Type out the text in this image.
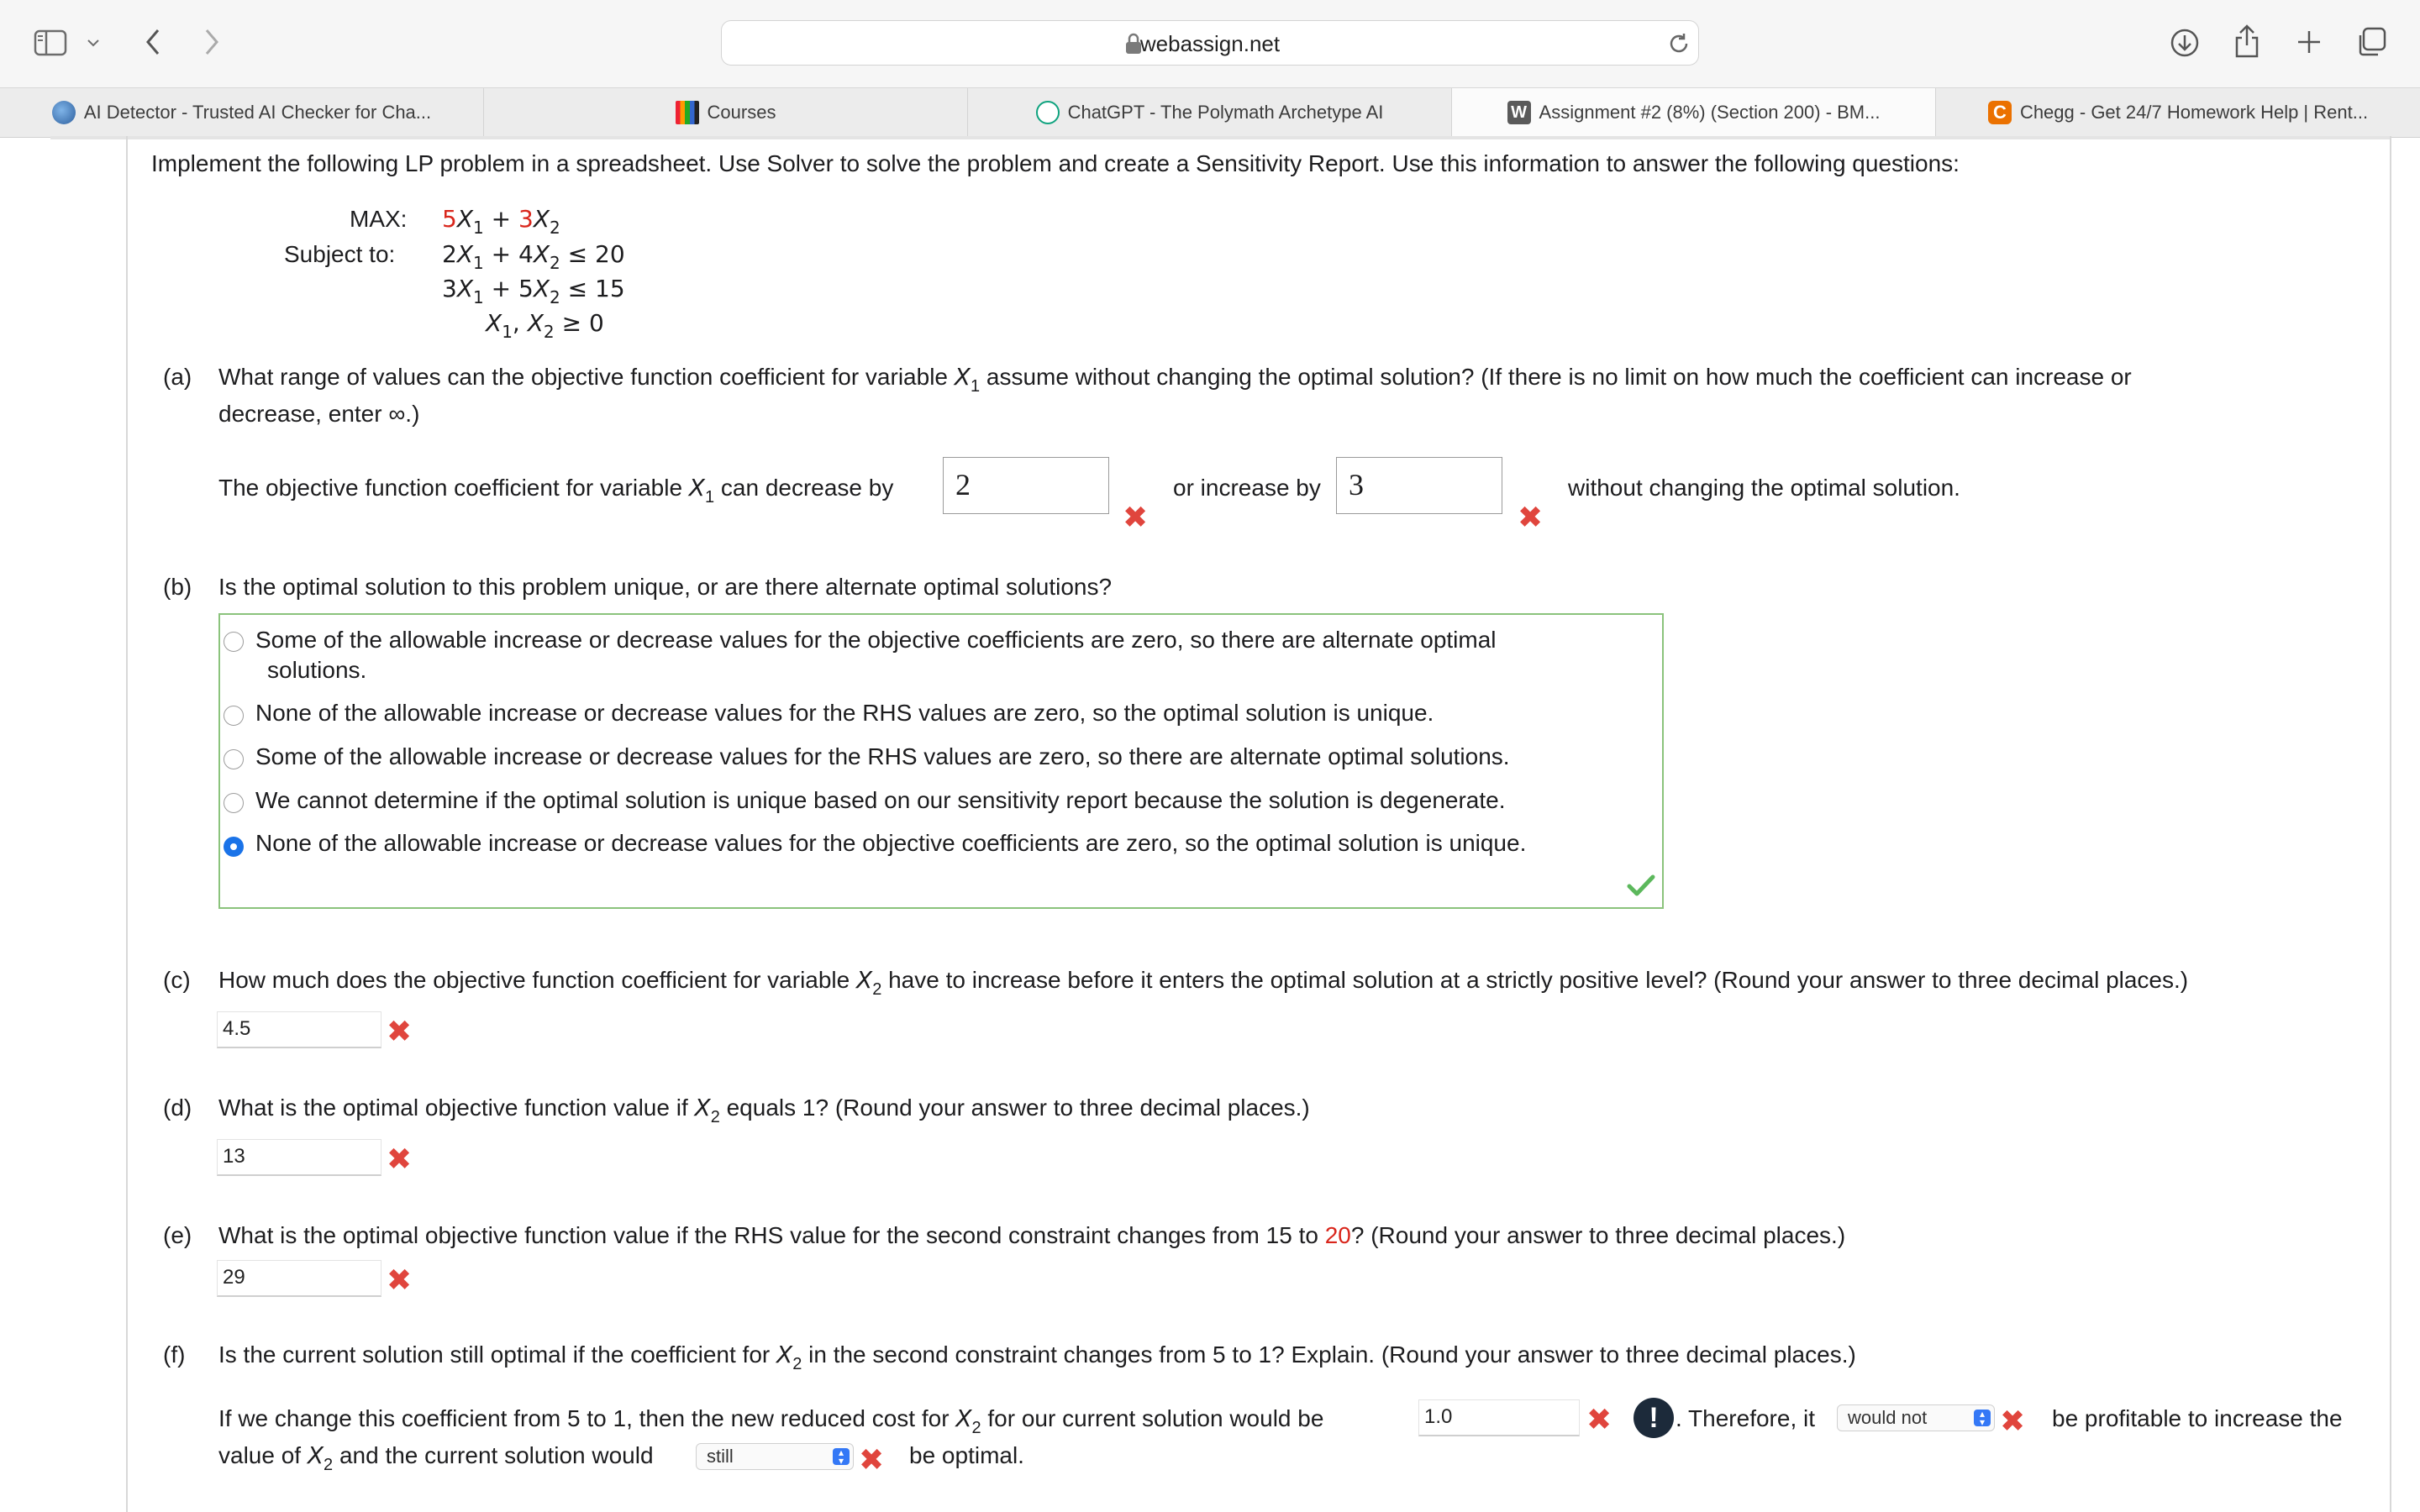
webassign.net
AI Detector - Trusted AI Checker for Cha...	Courses	ChatGPT - The Polymath Archetype AI	W Assignment #2 (8%) (Section 200) - BM...	C Chegg - Get 24/7 Homework Help | Rent...
Implement the following LP problem in a spreadsheet. Use Solver to solve the problem and create a Sensitivity Report. Use this information to answer the following questions:
MAX: $5X_1 + 3X_2$
Subject to: $2X_1 + 4X_2 \le 20$
$3X_1 + 5X_2 \le 15$
$X_1$, $X_2 \ge 0$
(a) What range of values can the objective function coefficient for variable $X_1$ assume without changing the optimal solution? (If there is no limit on how much the coefficient can increase or
decrease, enter ∞.)
The objective function coefficient for variable $X_1$ can decrease by	2
✖
or increase by 3
✖
without changing the optimal solution.
(b) Is the optimal solution to this problem unique, or are there alternate optimal solutions?
Some of the allowable increase or decrease values for the objective coefficients are zero, so there are alternate optimal
solutions.
None of the allowable increase or decrease values for the RHS values are zero, so the optimal solution is unique.
Some of the allowable increase or decrease values for the RHS values are zero, so there are alternate optimal solutions.
We cannot determine if the optimal solution is unique based on our sensitivity report because the solution is degenerate.
None of the allowable increase or decrease values for the objective coefficients are zero, so the optimal solution is unique.
(c) How much does the objective function coefficient for variable $X_2$ have to increase before it enters the optimal solution at a strictly positive level? (Round your answer to three decimal places.)
4.5	✖
(d) What is the optimal objective function value if $X_2$ equals 1? (Round your answer to three decimal places.)
13	✖
(e) What is the optimal objective function value if the RHS value for the second constraint changes from 15 to 20? (Round your answer to three decimal places.)
29	✖
(f) Is the current solution still optimal if the coefficient for $X_2$ in the second constraint changes from 5 to 1? Explain. (Round your answer to three decimal places.)
If we change this coefficient from 5 to 1, then the new reduced cost for $X_2$ for our current solution would be	1.0	✖	! . Therefore, it	would not	▴
▾ ✖ be profitable to increase the
value of $X_2$ and the current solution would	still	▴
▾ ✖ be optimal.
